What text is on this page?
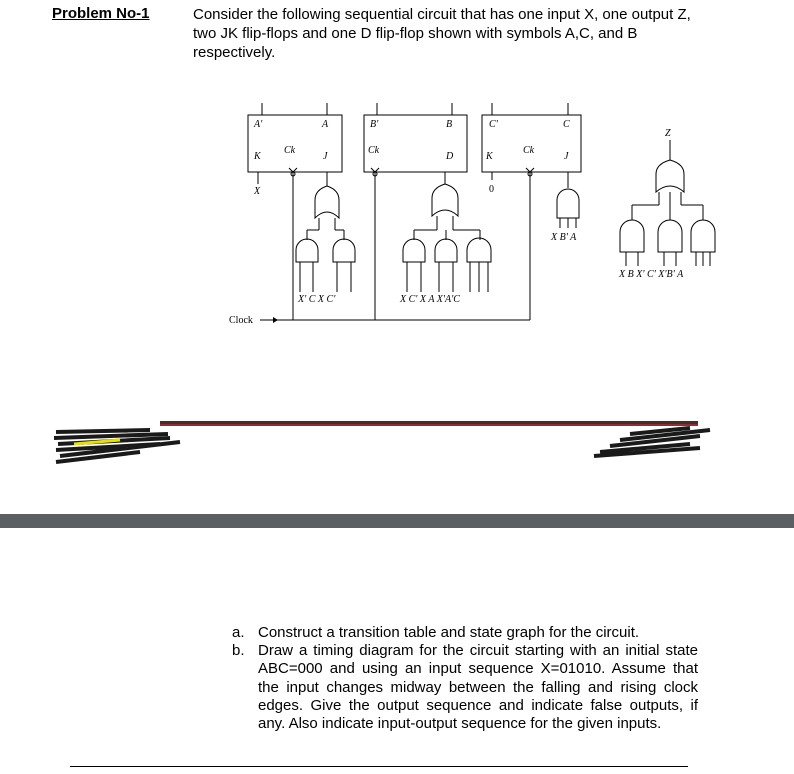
Problem No-1	Consider the following sequential circuit that has one input X, one output Z, two JK flip-flops and one D flip-flop shown with symbols A,C, and B respectively.
A'	A
K
Ck
J
B'	B
Ck
D
C'	C
K
Ck
J
X	0
Z
Clock
X' C X C'	X C' X A X'A'C
X B' A
X B X' C' X'B' A
a. Construct a transition table and state graph for the circuit.
b. Draw a timing diagram for the circuit starting with an initial state ABC=000 and using an input sequence X=01010. Assume that the input changes midway between the falling and rising clock edges. Give the output sequence and indicate false outputs, if any. Also indicate input-output sequence for the given inputs.
